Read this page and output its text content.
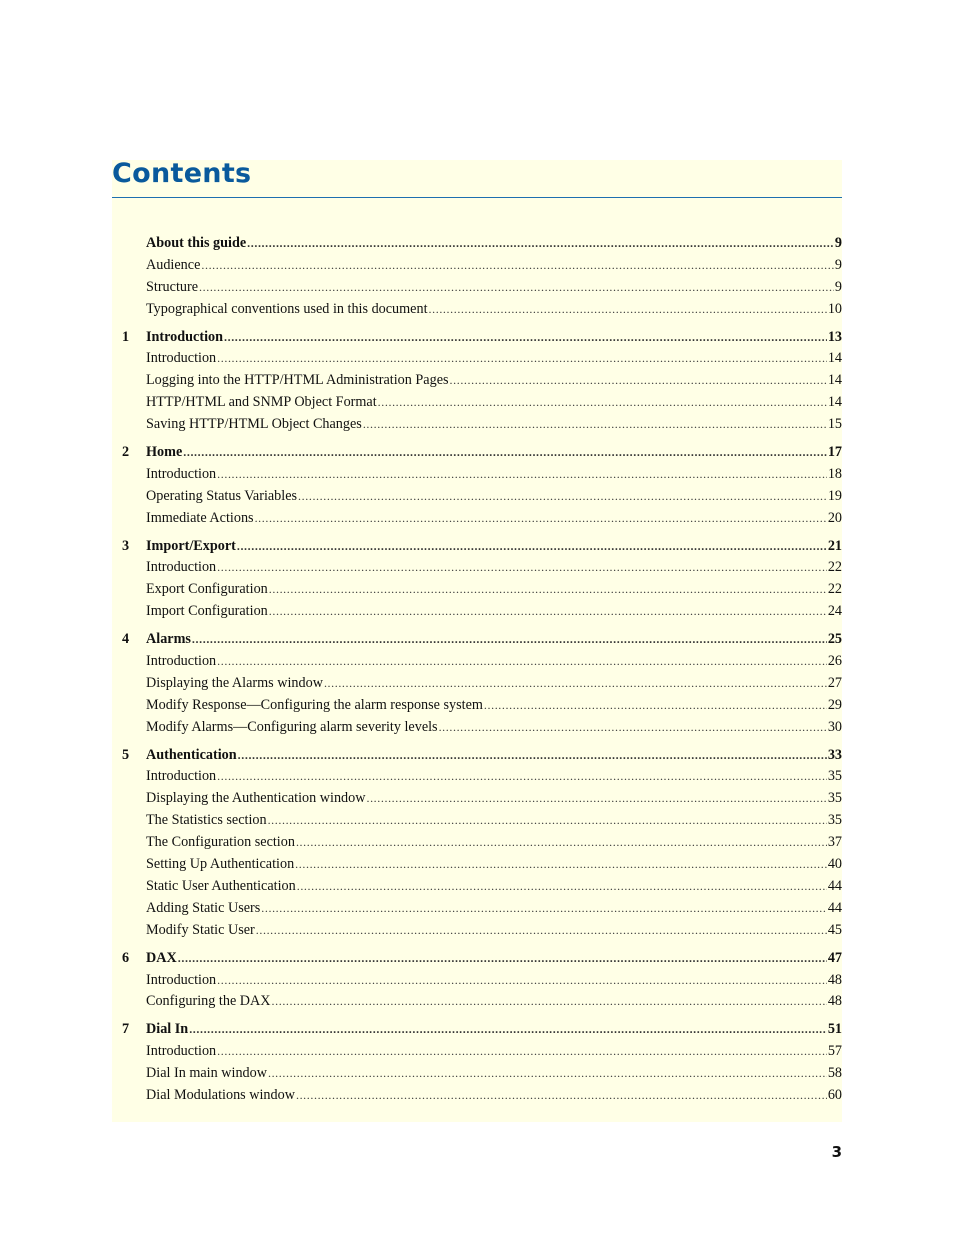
Contents
About this guide .....	9
Audience .....	9
Structure .....	9
Typographical conventions used in this document .....	10
1	Introduction .....	13
Introduction .....	14
Logging into the HTTP/HTML Administration Pages .....	14
HTTP/HTML and SNMP Object Format .....	14
Saving HTTP/HTML Object Changes .....	15
2	Home .....	17
Introduction .....	18
Operating Status Variables .....	19
Immediate Actions .....	20
3	Import/Export .....	21
Introduction .....	22
Export Configuration .....	22
Import Configuration .....	24
4	Alarms .....	25
Introduction .....	26
Displaying the Alarms window .....	27
Modify Response—Configuring the alarm response system .....	29
Modify Alarms—Configuring alarm severity levels .....	30
5	Authentication .....	33
Introduction .....	35
Displaying the Authentication window .....	35
The Statistics section .....	35
The Configuration section .....	37
Setting Up Authentication .....	40
Static User Authentication .....	44
Adding Static Users .....	44
Modify Static User .....	45
6	DAX .....	47
Introduction .....	48
Configuring the DAX .....	48
7	Dial In .....	51
Introduction .....	57
Dial In main window .....	58
Dial Modulations window .....	60
3
